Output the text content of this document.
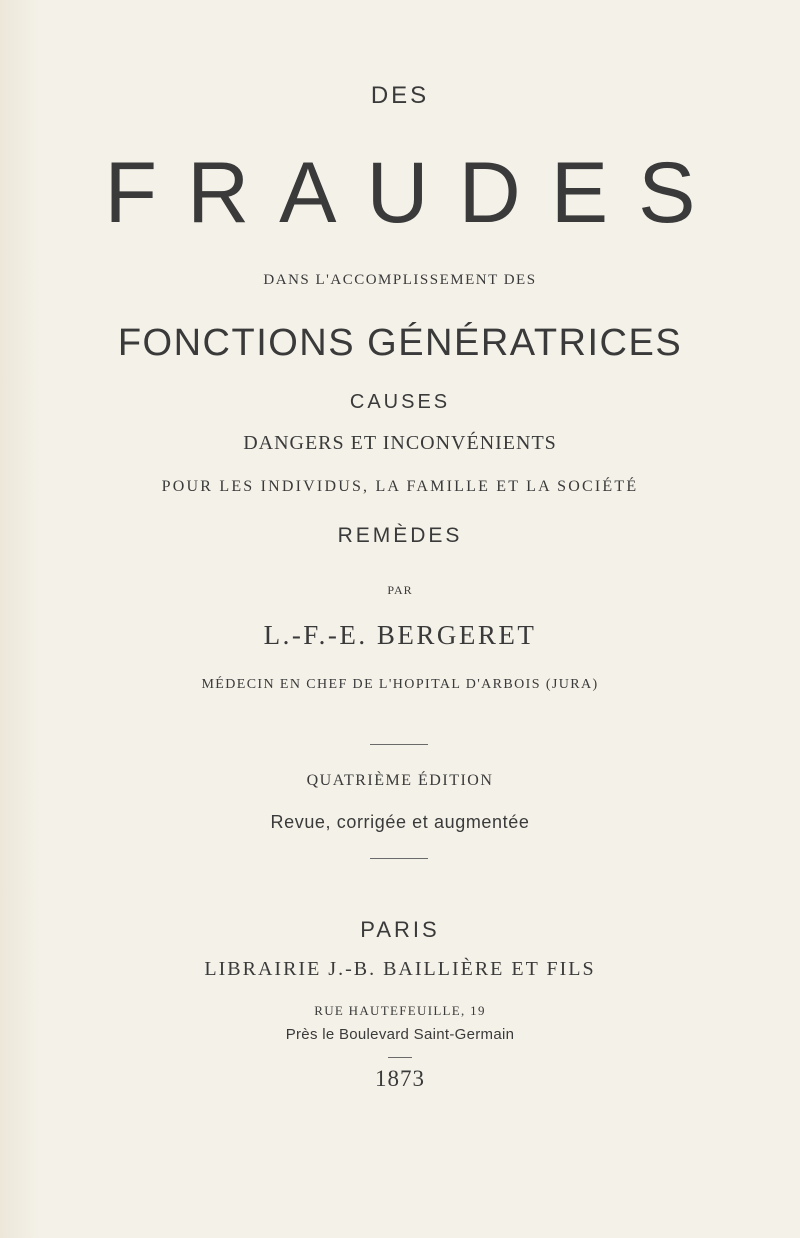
DES
FRAUDES
DANS L'ACCOMPLISSEMENT DES
FONCTIONS GÉNÉRATRICES
CAUSES
DANGERS ET INCONVÉNIENTS
POUR LES INDIVIDUS, LA FAMILLE ET LA SOCIÉTÉ
REMÈDES
PAR
L.-F.-E. BERGERET
MÉDECIN EN CHEF DE L'HOPITAL D'ARBOIS (JURA)
QUATRIÈME ÉDITION
Revue, corrigée et augmentée
PARIS
LIBRAIRIE J.-B. BAILLIÈRE ET FILS
RUE HAUTEFEUILLE, 19
Près le Boulevard Saint-Germain
1873
